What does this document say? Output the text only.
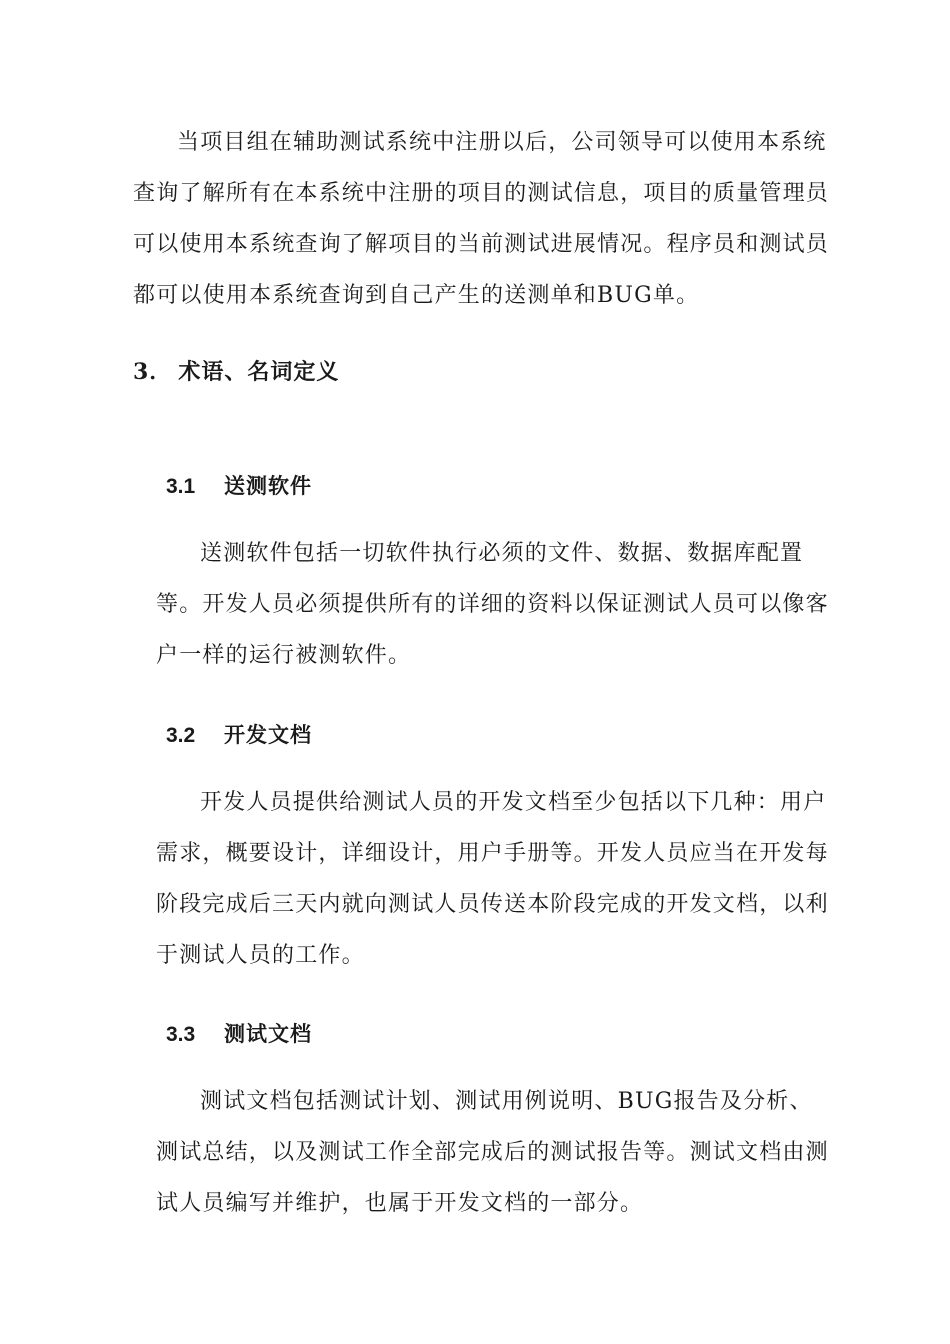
当项目组在辅助测试系统中注册以后，公司领导可以使用本系统查询了解所有在本系统中注册的项目的测试信息，项目的质量管理员可以使用本系统查询了解项目的当前测试进展情况。程序员和测试员都可以使用本系统查询到自己产生的送测单和BUG单。

3． 术语、名词定义
3.1 送测软件

送测软件包括一切软件执行必须的文件、数据、数据库配置等。开发人员必须提供所有的详细的资料以保证测试人员可以像客户一样的运行被测软件。

3.2 开发文档

开发人员提供给测试人员的开发文档至少包括以下几种：用户需求，概要设计，详细设计，用户手册等。开发人员应当在开发每阶段完成后三天内就向测试人员传送本阶段完成的开发文档，以利于测试人员的工作。

3.3 测试文档

测试文档包括测试计划、测试用例说明、BUG报告及分析、测试总结，以及测试工作全部完成后的测试报告等。测试文档由测试人员编写并维护，也属于开发文档的一部分。
